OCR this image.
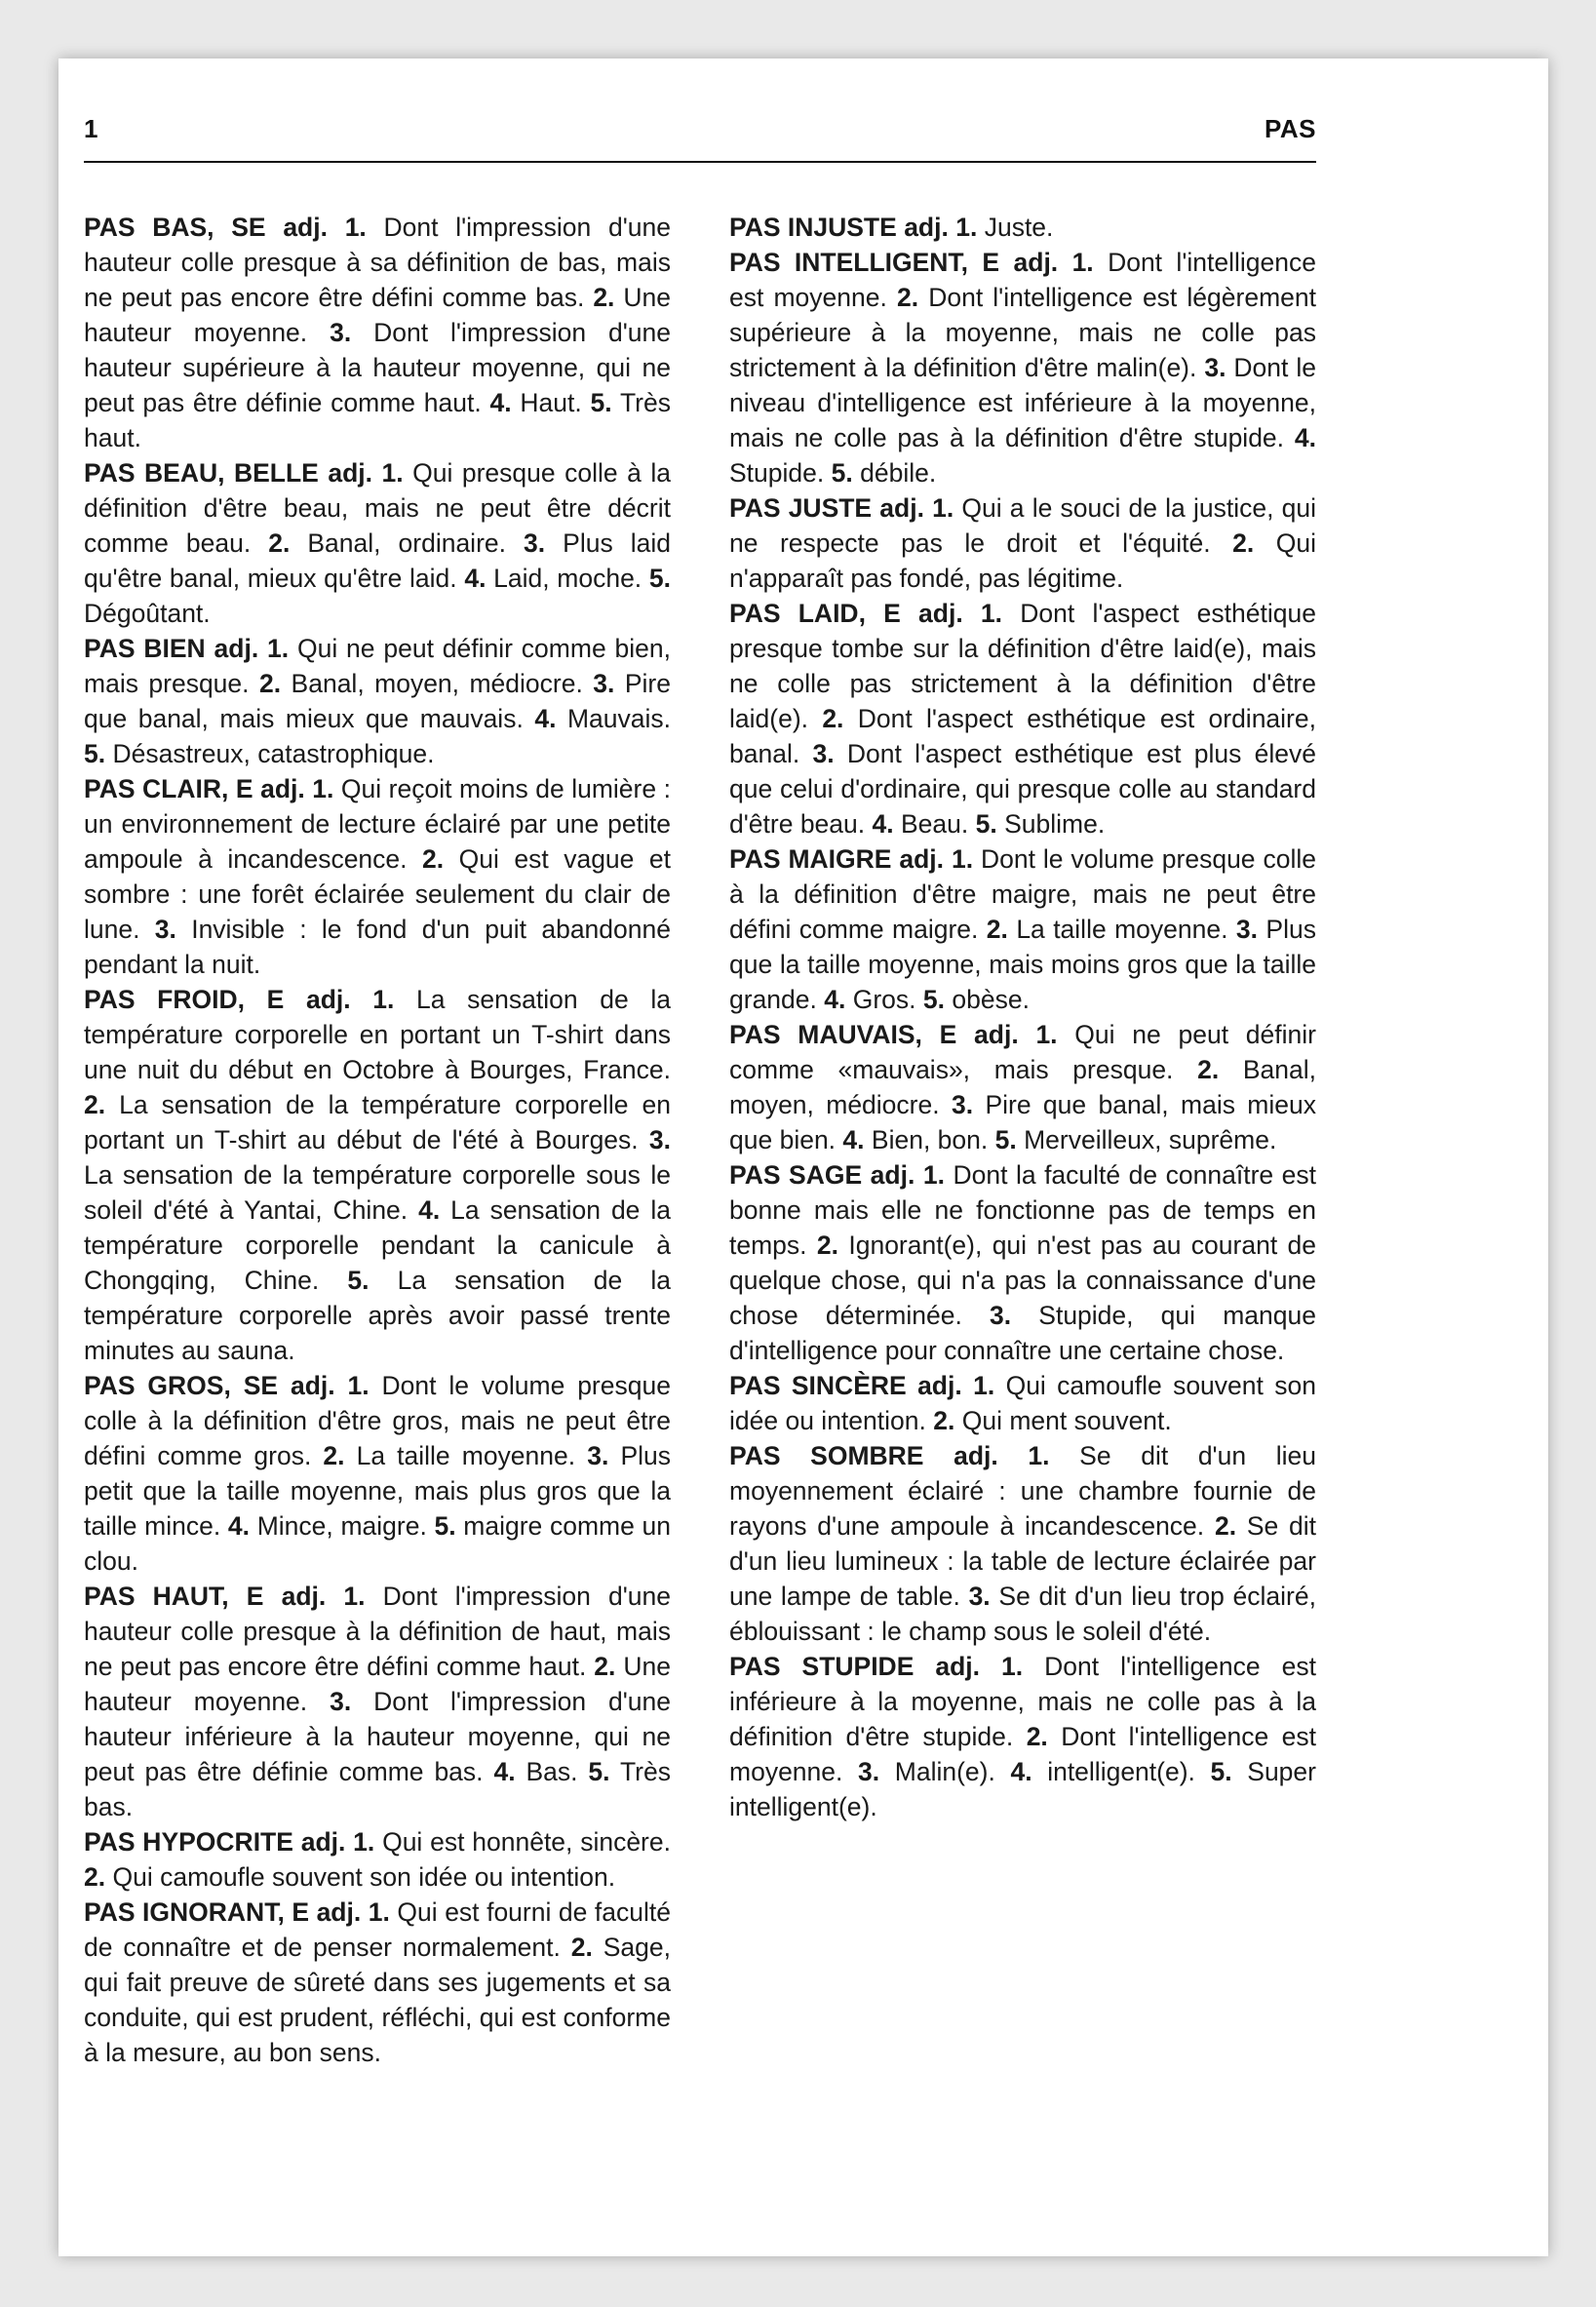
1	PAS

PAS BAS, SE adj. 1. Dont l'impression d'une hauteur colle presque à sa définition de bas, mais ne peut pas encore être défini comme bas. 2. Une hauteur moyenne. 3. Dont l'impression d'une hauteur supérieure à la hauteur moyenne, qui ne peut pas être définie comme haut. 4. Haut. 5. Très haut.

PAS BEAU, BELLE adj. 1. Qui presque colle à la définition d'être beau, mais ne peut être décrit comme beau. 2. Banal, ordinaire. 3. Plus laid qu'être banal, mieux qu'être laid. 4. Laid, moche. 5. Dégoûtant.

PAS BIEN adj. 1. Qui ne peut définir comme bien, mais presque. 2. Banal, moyen, médiocre. 3. Pire que banal, mais mieux que mauvais. 4. Mauvais. 5. Désastreux, catastrophique.

PAS CLAIR, E adj. 1. Qui reçoit moins de lumière : un environnement de lecture éclairé par une petite ampoule à incandescence. 2. Qui est vague et sombre : une forêt éclairée seulement du clair de lune. 3. Invisible : le fond d'un puit abandonné pendant la nuit.

PAS FROID, E adj. 1. La sensation de la température corporelle en portant un T-shirt dans une nuit du début en Octobre à Bourges, France. 2. La sensation de la température corporelle en portant un T-shirt au début de l'été à Bourges. 3. La sensation de la température corporelle sous le soleil d'été à Yantai, Chine. 4. La sensation de la température corporelle pendant la canicule à Chongqing, Chine. 5. La sensation de la température corporelle après avoir passé trente minutes au sauna.

PAS GROS, SE adj. 1. Dont le volume presque colle à la définition d'être gros, mais ne peut être défini comme gros. 2. La taille moyenne. 3. Plus petit que la taille moyenne, mais plus gros que la taille mince. 4. Mince, maigre. 5. maigre comme un clou.

PAS HAUT, E adj. 1. Dont l'impression d'une hauteur colle presque à la définition de haut, mais ne peut pas encore être défini comme haut. 2. Une hauteur moyenne. 3. Dont l'impression d'une hauteur inférieure à la hauteur moyenne, qui ne peut pas être définie comme bas. 4. Bas. 5. Très bas.

PAS HYPOCRITE adj. 1. Qui est honnête, sincère. 2. Qui camoufle souvent son idée ou intention.

PAS IGNORANT, E adj. 1. Qui est fourni de faculté de connaître et de penser normalement. 2. Sage, qui fait preuve de sûreté dans ses jugements et sa conduite, qui est prudent, réfléchi, qui est conforme à la mesure, au bon sens.

PAS INJUSTE adj. 1. Juste.

PAS INTELLIGENT, E adj. 1. Dont l'intelligence est moyenne. 2. Dont l'intelligence est légèrement supérieure à la moyenne, mais ne colle pas strictement à la définition d'être malin(e). 3. Dont le niveau d'intelligence est inférieure à la moyenne, mais ne colle pas à la définition d'être stupide. 4. Stupide. 5. débile.

PAS JUSTE adj. 1. Qui a le souci de la justice, qui ne respecte pas le droit et l'équité. 2. Qui n'apparaît pas fondé, pas légitime.

PAS LAID, E adj. 1. Dont l'aspect esthétique presque tombe sur la définition d'être laid(e), mais ne colle pas strictement à la définition d'être laid(e). 2. Dont l'aspect esthétique est ordinaire, banal. 3. Dont l'aspect esthétique est plus élevé que celui d'ordinaire, qui presque colle au standard d'être beau. 4. Beau. 5. Sublime.

PAS MAIGRE adj. 1. Dont le volume presque colle à la définition d'être maigre, mais ne peut être défini comme maigre. 2. La taille moyenne. 3. Plus que la taille moyenne, mais moins gros que la taille grande. 4. Gros. 5. obèse.

PAS MAUVAIS, E adj. 1. Qui ne peut définir comme «mauvais», mais presque. 2. Banal, moyen, médiocre. 3. Pire que banal, mais mieux que bien. 4. Bien, bon. 5. Merveilleux, suprême.

PAS SAGE adj. 1. Dont la faculté de connaître est bonne mais elle ne fonctionne pas de temps en temps. 2. Ignorant(e), qui n'est pas au courant de quelque chose, qui n'a pas la connaissance d'une chose déterminée. 3. Stupide, qui manque d'intelligence pour connaître une certaine chose.

PAS SINCÈRE adj. 1. Qui camoufle souvent son idée ou intention. 2. Qui ment souvent.

PAS SOMBRE adj. 1. Se dit d'un lieu moyennement éclairé : une chambre fournie de rayons d'une ampoule à incandescence. 2. Se dit d'un lieu lumineux : la table de lecture éclairée par une lampe de table. 3. Se dit d'un lieu trop éclairé, éblouissant : le champ sous le soleil d'été.

PAS STUPIDE adj. 1. Dont l'intelligence est inférieure à la moyenne, mais ne colle pas à la définition d'être stupide. 2. Dont l'intelligence est moyenne. 3. Malin(e). 4. intelligent(e). 5. Super intelligent(e).
